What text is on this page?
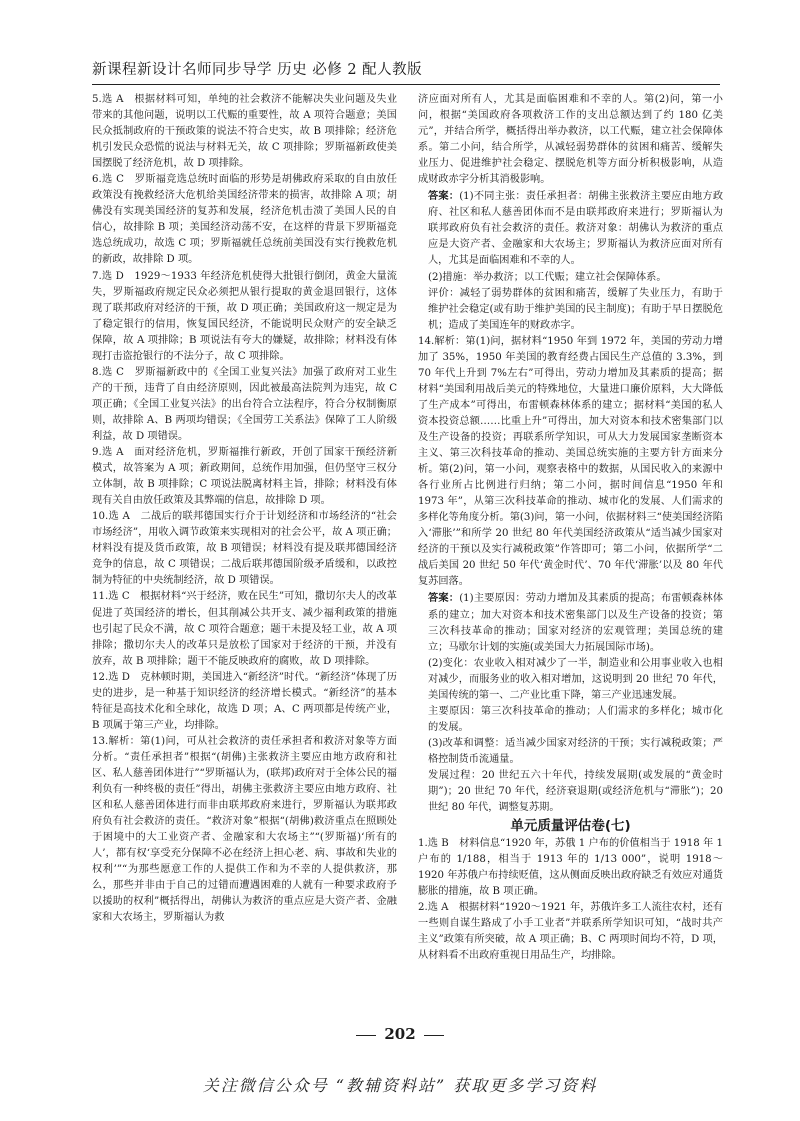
新课程新设计名师同步导学 历史 必修 2 配人教版

5.选 A　根据材料可知，单纯的社会救济不能解决失业问题及失业带来的其他问题，说明以工代赈的重要性，故 A 项符合题意；美国民众抵制政府的干预政策的说法不符合史实，故 B 项排除；经济危机引发民众恐慌的说法与材料无关，故 C 项排除；罗斯福新政使美国摆脱了经济危机，故 D 项排除。

6.选 C　罗斯福竞选总统时面临的形势是胡佛政府采取的自由放任政策没有挽救经济大危机给美国经济带来的损害，故排除 A 项；胡佛没有实现美国经济的复苏和发展，经济危机击溃了美国人民的自信心，故排除 B 项；美国经济动荡不安，在这样的背景下罗斯福竞选总统成功，故选 C 项；罗斯福就任总统前美国没有实行挽救危机的新政，故排除 D 项。

7.选 D　1929～1933 年经济危机使得大批银行倒闭，黄金大量流失，罗斯福政府规定民众必须把从银行提取的黄金退回银行，这体现了联邦政府对经济的干预，故 D 项正确；美国政府这一规定是为了稳定银行的信用，恢复国民经济，不能说明民众财产的安全缺乏保障，故 A 项排除；B 项说法有夸大的嫌疑，故排除；材料没有体现打击盗抢银行的不法分子，故 C 项排除。

8.选 C　罗斯福新政中的《全国工业复兴法》加强了政府对工业生产的干预，违背了自由经济原则，因此被最高法院判为违宪，故 C 项正确；《全国工业复兴法》的出台符合立法程序，符合分权制衡原则，故排除 A、B 两项均错误；《全国劳工关系法》保障了工人阶级利益，故 D 项错误。

9.选 A　面对经济危机，罗斯福推行新政，开创了国家干预经济新模式，故答案为 A 项；新政期间，总统作用加强，但仍坚守三权分立体制，故 B 项排除；C 项说法脱离材料主旨，排除；材料没有体现有关自由放任政策及其弊端的信息，故排除 D 项。

10.选 A　二战后的联邦德国实行介于计划经济和市场经济的“社会市场经济”，用收入调节政策来实现相对的社会公平，故 A 项正确；材料没有提及货币政策，故 B 项错误；材料没有提及联邦德国经济竞争的信息，故 C 项错误；二战后联邦德国阶级矛盾缓和，以政控制为特征的中央统制经济，故 D 项错误。

11.选 C　根据材料“兴于经济，败在民生”可知，撒切尔夫人的改革促进了英国经济的增长，但其削减公共开支、减少福利政策的措施也引起了民众不满，故 C 项符合题意；题干未提及轻工业，故 A 项排除；撒切尔夫人的改革只是放松了国家对于经济的干预，并没有放弃，故 B 项排除；题干不能反映政府的腐败，故 D 项排除。

12.选 D　克林顿时期，美国进入“新经济”时代。“新经济”体现了历史的进步，是一种基于知识经济的经济增长模式。“新经济”的基本特征是高技术化和全球化，故选 D 项；A、C 两项都是传统产业，B 项属于第三产业，均排除。

13.解析：第(1)问，可从社会救济的责任承担者和救济对象等方面分析。“责任承担者”根据“(胡佛)主张救济主要应由地方政府和社区、私人慈善团体进行”“罗斯福认为，(联邦)政府对于全体公民的福利负有一种终极的责任”得出，胡佛主张救济主要应由地方政府、社区和私人慈善团体进行而非由联邦政府来进行，罗斯福认为联邦政府负有社会救济的责任。“救济对象”根据“(胡佛)救济重点在照顾处于困境中的大工业资产者、金融家和大农场主”“(罗斯福)‘所有的人’，都有权‘享受充分保障不必在经济上担心老、病、事故和失业的权利’”“为那些愿意工作的人提供工作和为不幸的人提供救济，那么，那些并非由于自己的过错而遭遇困难的人就有一种要求政府予以援助的权利”概括得出，胡佛认为救济的重点应是大资产者、金融家和大农场主，罗斯福认为救

济应面对所有人，尤其是面临困难和不幸的人。第(2)问，第一小问，根据“美国政府各项救济工作的支出总额达到了约 180 亿美元”，并结合所学，概括得出举办救济，以工代赈，建立社会保障体系。第二小问，结合所学，从减轻弱势群体的贫困和痛苦、缓解失业压力、促进维护社会稳定、摆脱危机等方面分析积极影响，从造成财政赤字分析其消极影响。

答案：(1)不同主张：责任承担者：胡佛主张救济主要应由地方政府、社区和私人慈善团体而不是由联邦政府来进行；罗斯福认为联邦政府负有社会救济的责任。救济对象：胡佛认为救济的重点应是大资产者、金融家和大农场主；罗斯福认为救济应面对所有人，尤其是面临困难和不幸的人。

(2)措施：举办救济；以工代赈；建立社会保障体系。

评价：减轻了弱势群体的贫困和痛苦，缓解了失业压力，有助于维护社会稳定(或有助于维护美国的民主制度)；有助于早日摆脱危机；造成了美国连年的财政赤字。

14.解析：第(1)问，据材料“1950 年到 1972 年，美国的劳动力增加了 35%，1950 年美国的教育经费占国民生产总值的 3.3%，到 70 年代上升到 7%左右”可得出，劳动力增加及其素质的提高；据材料“美国利用战后美元的特殊地位，大量进口廉价原料，大大降低了生产成本”可得出，布雷顿森林体系的建立；据材料“美国的私人资本投资总额……比重上升”可得出，加大对资本和技术密集部门以及生产设备的投资；再联系所学知识，可从大力发展国家垄断资本主义、第三次科技革命的推动、美国总统实施的主要方针方面来分析。第(2)问，第一小问，观察表格中的数据，从国民收入的来源中各行业所占比例进行归纳；第二小问，据时间信息“1950 年和 1973 年”，从第三次科技革命的推动、城市化的发展、人们需求的多样化等角度分析。第(3)问，第一小问，依据材料三“使美国经济陷入‘滞胀’”和所学 20 世纪 80 年代美国经济政策从“适当减少国家对经济的干预以及实行减税政策”作答即可；第二小问，依据所学“二战后美国 20 世纪 50 年代‘黄金时代’、70 年代‘滞胀’以及 80 年代复苏回落。

答案：(1)主要原因：劳动力增加及其素质的提高；布雷顿森林体系的建立；加大对资本和技术密集部门以及生产设备的投资；第三次科技革命的推动；国家对经济的宏观管理；美国总统的建立；马歇尔计划的实施(或美国大力拓展国际市场)。

(2)变化：农业收入相对减少了一半，制造业和公用事业收入也相对减少，而服务业的收入相对增加，这说明到 20 世纪 70 年代，美国传统的第一、二产业比重下降，第三产业迅速发展。

主要原因：第三次科技革命的推动；人们需求的多样化；城市化的发展。

(3)改革和调整：适当减少国家对经济的干预；实行减税政策；严格控制货币流通量。

发展过程：20 世纪五六十年代，持续发展期(或发展的“黄金时期”)；20 世纪 70 年代，经济衰退期(或经济危机与“滞胀”)；20 世纪 80 年代，调整复苏期。

单元质量评估卷(七)

1.选 B　材料信息“1920 年，苏俄 1 户布的价值相当于 1918 年 1 户布的 1/188，相当于 1913 年的 1/13 000”，说明 1918～1920 年苏俄户布持续贬值，这从侧面反映出政府缺乏有效应对通货膨胀的措施，故 B 项正确。

2.选 A　根据材料“1920～1921 年，苏俄许多工人流往农村，还有一些则自谋生路成了小手工业者”并联系所学知识可知，“战时共产主义”政策有所突破，故 A 项正确；B、C 两项时间均不符，D 项，从材料看不出政府重视日用品生产，均排除。

202
关注微信公众号 “教辅资料站” 获取更多学习资料
